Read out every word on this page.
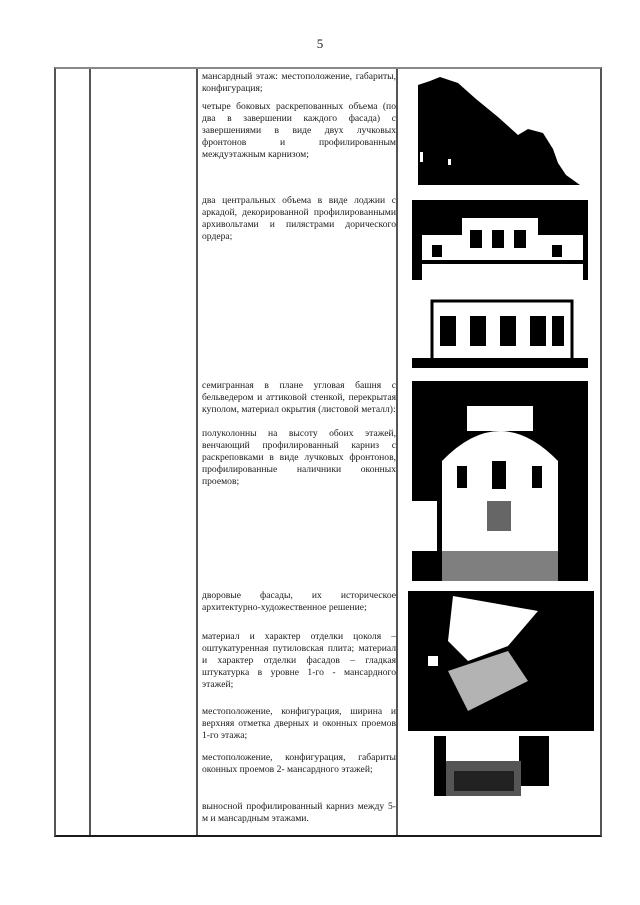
5
мансардный этаж: местоположение, габариты, конфигурация;
четыре боковых раскрепованных объема (по два в завершении каждого фасада) с завершениями в виде двух лучковых фронтонов и профилированным междуэтажным карнизом;
два центральных объема в виде лоджии с аркадой, декорированной профилированными архивольтами и пилястрами дорического ордера;
семигранная в плане угловая башня с бельведером и аттиковой стенкой, перекрытая куполом, материал окрытия (листовой металл):
полуколонны на высоту обоих этажей, венчающий профилированный карниз с раскреповками в виде лучковых фронтонов, профилированные наличники оконных проемов;
дворовые фасады, их историческое архитектурно-художественное решение;
материал и характер отделки цоколя – оштукатуренная путиловская плита; материал и характер отделки фасадов – гладкая штукатурка в уровне 1-го - мансардного этажей;
местоположение, конфигурация, ширина и верхняя отметка дверных и оконных проемов 1-го этажа;
местоположение, конфигурация, габариты оконных проемов 2- мансардного этажей;
выносной профилированный карниз между 5-м и мансардным этажами.
